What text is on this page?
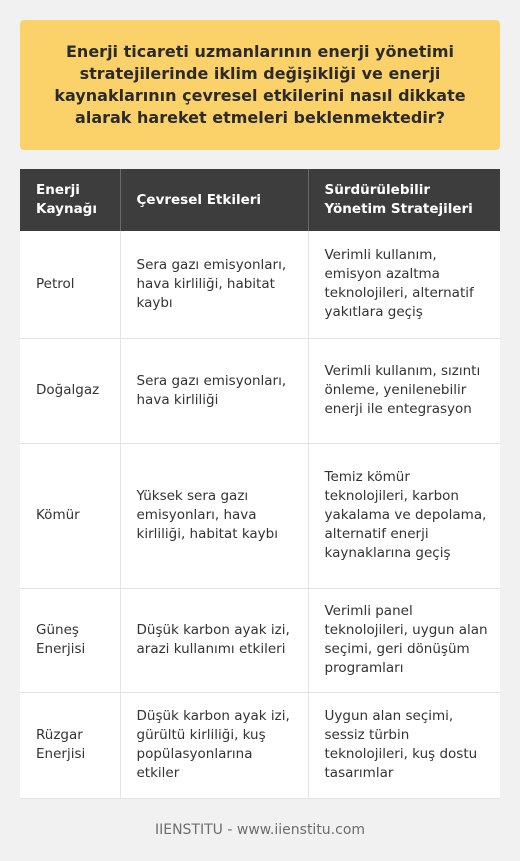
Enerji ticareti uzmanlarının enerji yönetimi stratejilerinde iklim değişikliği ve enerji kaynaklarının çevresel etkilerini nasıl dikkate alarak hareket etmeleri beklenmektedir?
Enerji Kaynağı	Çevresel Etkileri	Sürdürülebilir Yönetim Stratejileri
Petrol	Sera gazı emisyonları, hava kirliliği, habitat kaybı	Verimli kullanım, emisyon azaltma teknolojileri, alternatif yakıtlara geçiş
Doğalgaz	Sera gazı emisyonları, hava kirliliği	Verimli kullanım, sızıntı önleme, yenilenebilir enerji ile entegrasyon
Kömür	Yüksek sera gazı emisyonları, hava kirliliği, habitat kaybı	Temiz kömür teknolojileri, karbon yakalama ve depolama, alternatif enerji kaynaklarına geçiş
Güneş Enerjisi	Düşük karbon ayak izi, arazi kullanımı etkileri	Verimli panel teknolojileri, uygun alan seçimi, geri dönüşüm programları
Rüzgar Enerjisi	Düşük karbon ayak izi, gürültü kirliliği, kuş popülasyonlarına etkiler	Uygun alan seçimi, sessiz türbin teknolojileri, kuş dostu tasarımlar
IIENSTITU - www.iienstitu.com
